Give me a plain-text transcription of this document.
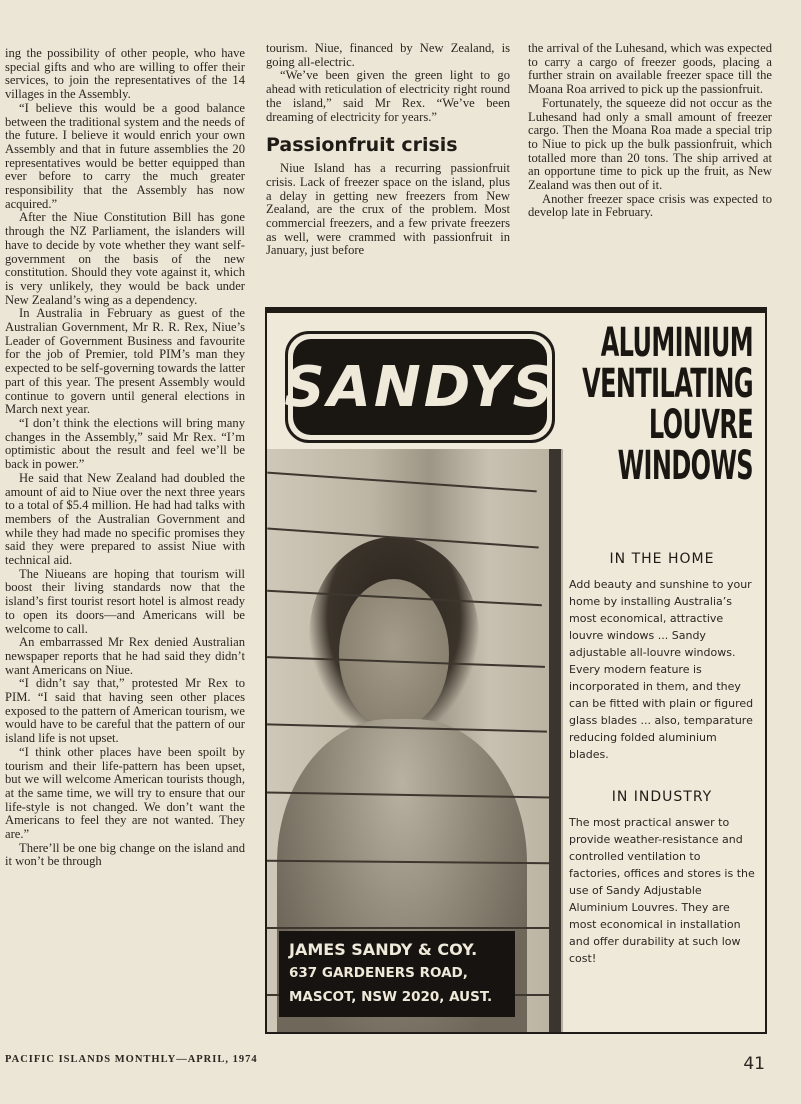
ing the possibility of other people, who have special gifts and who are willing to offer their services, to join the representatives of the 14 villages in the Assembly.

“I believe this would be a good balance between the traditional system and the needs of the future. I believe it would enrich your own Assembly and that in future assemblies the 20 representatives would be better equipped than ever before to carry the much greater responsibility that the Assembly has now acquired.”

After the Niue Constitution Bill has gone through the NZ Parliament, the islanders will have to decide by vote whether they want self-government on the basis of the new constitution. Should they vote against it, which is very unlikely, they would be back under New Zealand’s wing as a dependency.

In Australia in February as guest of the Australian Government, Mr R. R. Rex, Niue’s Leader of Government Business and favourite for the job of Premier, told PIM’s man they expected to be self-governing towards the latter part of this year. The present Assembly would continue to govern until general elections in March next year.

“I don’t think the elections will bring many changes in the Assembly,” said Mr Rex. “I’m optimistic about the result and feel we’ll be back in power.”

He said that New Zealand had doubled the amount of aid to Niue over the next three years to a total of $5.4 million. He had had talks with members of the Australian Government and while they had made no specific promises they said they were prepared to assist Niue with technical aid.

The Niueans are hoping that tourism will boost their living standards now that the island’s first tourist resort hotel is almost ready to open its doors—and Americans will be welcome to call.

An embarrassed Mr Rex denied Australian newspaper reports that he had said they didn’t want Americans on Niue.

“I didn’t say that,” protested Mr Rex to PIM. “I said that having seen other places exposed to the pattern of American tourism, we would have to be careful that the pattern of our island life is not upset.

“I think other places have been spoilt by tourism and their life-pattern has been upset, but we will welcome American tourists though, at the same time, we will try to ensure that our life-style is not changed. We don’t want the Americans to feel they are not wanted. They are.”

There’ll be one big change on the island and it won’t be through

tourism. Niue, financed by New Zealand, is going all-electric.

“We’ve been given the green light to go ahead with reticulation of electricity right round the island,” said Mr Rex. “We’ve been dreaming of electricity for years.”

Passionfruit crisis

Niue Island has a recurring passionfruit crisis. Lack of freezer space on the island, plus a delay in getting new freezers from New Zealand, are the crux of the problem. Most commercial freezers, and a few private freezers as well, were crammed with passionfruit in January, just before

the arrival of the Luhesand, which was expected to carry a cargo of freezer goods, placing a further strain on available freezer space till the Moana Roa arrived to pick up the passionfruit.

Fortunately, the squeeze did not occur as the Luhesand had only a small amount of freezer cargo. Then the Moana Roa made a special trip to Niue to pick up the bulk passionfruit, which totalled more than 20 tons. The ship arrived at an opportune time to pick up the fruit, as New Zealand was then out of it.

Another freezer space crisis was expected to develop late in February.

SANDYS
ALUMINIUM
VENTILATING
LOUVRE
WINDOWS
JAMES SANDY & COY.
637 GARDENERS ROAD,
MASCOT, NSW 2020, AUST.
IN THE HOME
Add beauty and sunshine to your home by installing Australia’s most economical, attractive louvre windows ... Sandy adjustable all-louvre windows. Every modern feature is incorporated in them, and they can be fitted with plain or figured glass blades ... also, temparature reducing folded aluminium blades.
IN INDUSTRY
The most practical answer to provide weather-resistance and controlled ventilation to factories, offices and stores is the use of Sandy Adjustable Aluminium Louvres. They are most economical in installation and offer durability at such low cost!
PACIFIC ISLANDS MONTHLY—APRIL, 1974	41
